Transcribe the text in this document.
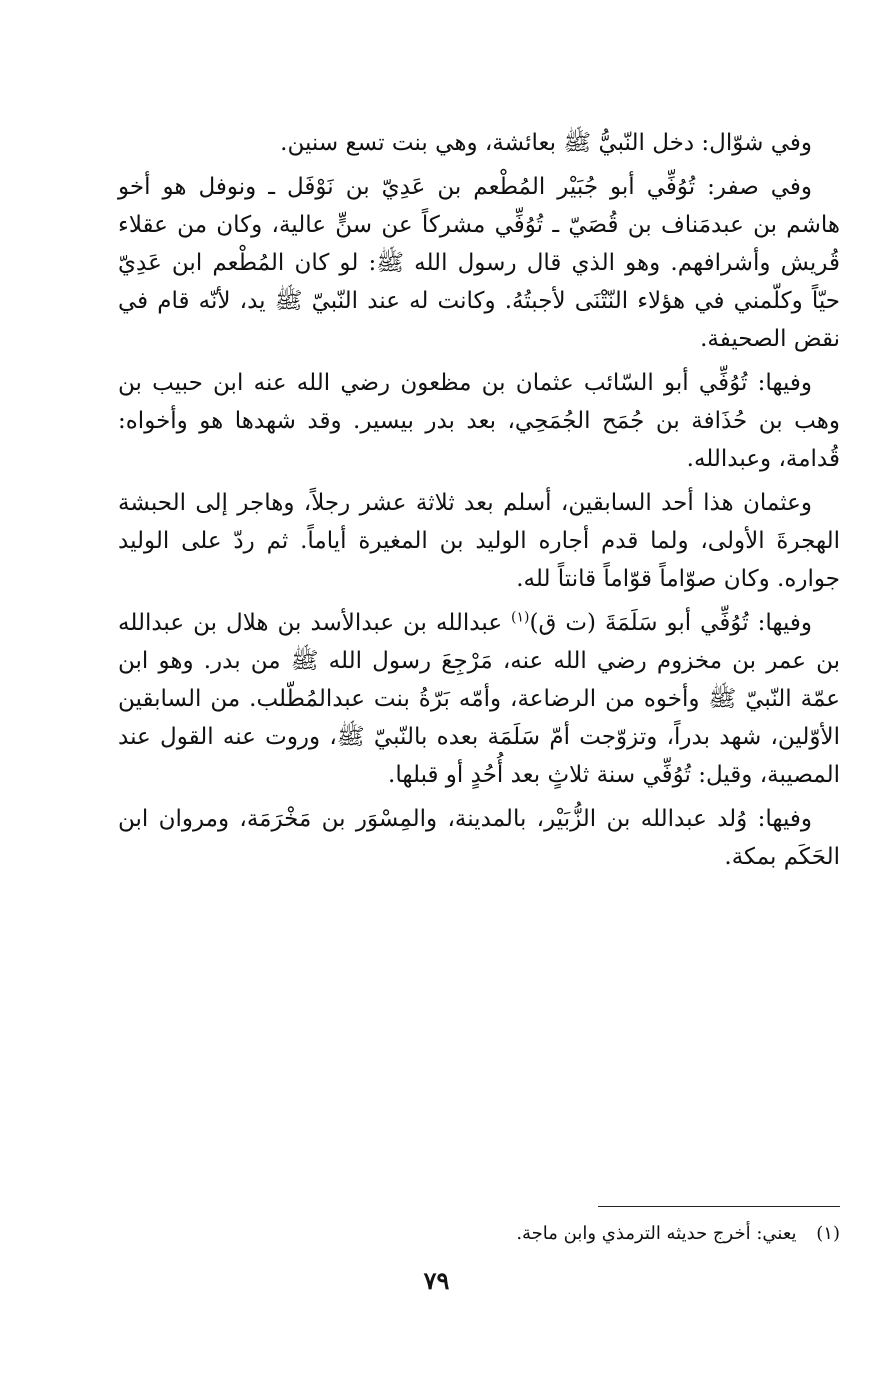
وفي شوّال: دخل النّبيُّ ﷺ بعائشة، وهي بنت تسع سنين.

وفي صفر: تُوُفِّي أبو جُبَيْر المُطْعم بن عَدِيّ بن نَوْفَل ـ ونوفل هو أخو هاشم بن عبدمَناف بن قُصَيّ ـ تُوُفِّي مشركاً عن سنٍّ عالية، وكان من عقلاء قُريش وأشرافهم. وهو الذي قال رسول الله ﷺ: لو كان المُطْعم ابن عَدِيّ حيّاً وكلّمني في هؤلاء النّتْنَى لأجبتُهُ. وكانت له عند النّبيّ ﷺ يد، لأنّه قام في نقض الصحيفة.

وفيها: تُوُفِّي أبو السّائب عثمان بن مظعون رضي الله عنه ابن حبيب بن وهب بن حُذَافة بن جُمَح الجُمَحِي، بعد بدر بيسير. وقد شهدها هو وأخواه: قُدامة، وعبدالله.

وعثمان هذا أحد السابقين، أسلم بعد ثلاثة عشر رجلاً، وهاجر إلى الحبشة الهجرةَ الأولى، ولما قدم أجاره الوليد بن المغيرة أياماً. ثم ردّ على الوليد جواره. وكان صوّاماً قوّاماً قانتاً لله.

وفيها: تُوُفِّي أبو سَلَمَةَ (ت ق)$^{(١)}$ عبدالله بن عبدالأسد بن هلال بن عبدالله بن عمر بن مخزوم رضي الله عنه، مَرْجِعَ رسول الله ﷺ من بدر. وهو ابن عمّة النّبيّ ﷺ وأخوه من الرضاعة، وأمّه بَرّةُ بنت عبدالمُطّلب. من السابقين الأوّلين، شهد بدراً، وتزوّجت أمّ سَلَمَة بعده بالنّبيّ ﷺ، وروت عنه القول عند المصيبة، وقيل: تُوُفِّي سنة ثلاثٍ بعد أُحُدٍ أو قبلها.

وفيها: وُلد عبدالله بن الزُّبَيْر، بالمدينة، والمِسْوَر بن مَخْرَمَة، ومروان ابن الحَكَم بمكة.

(١) يعني: أخرج حديثه الترمذي وابن ماجة.
٧٩
